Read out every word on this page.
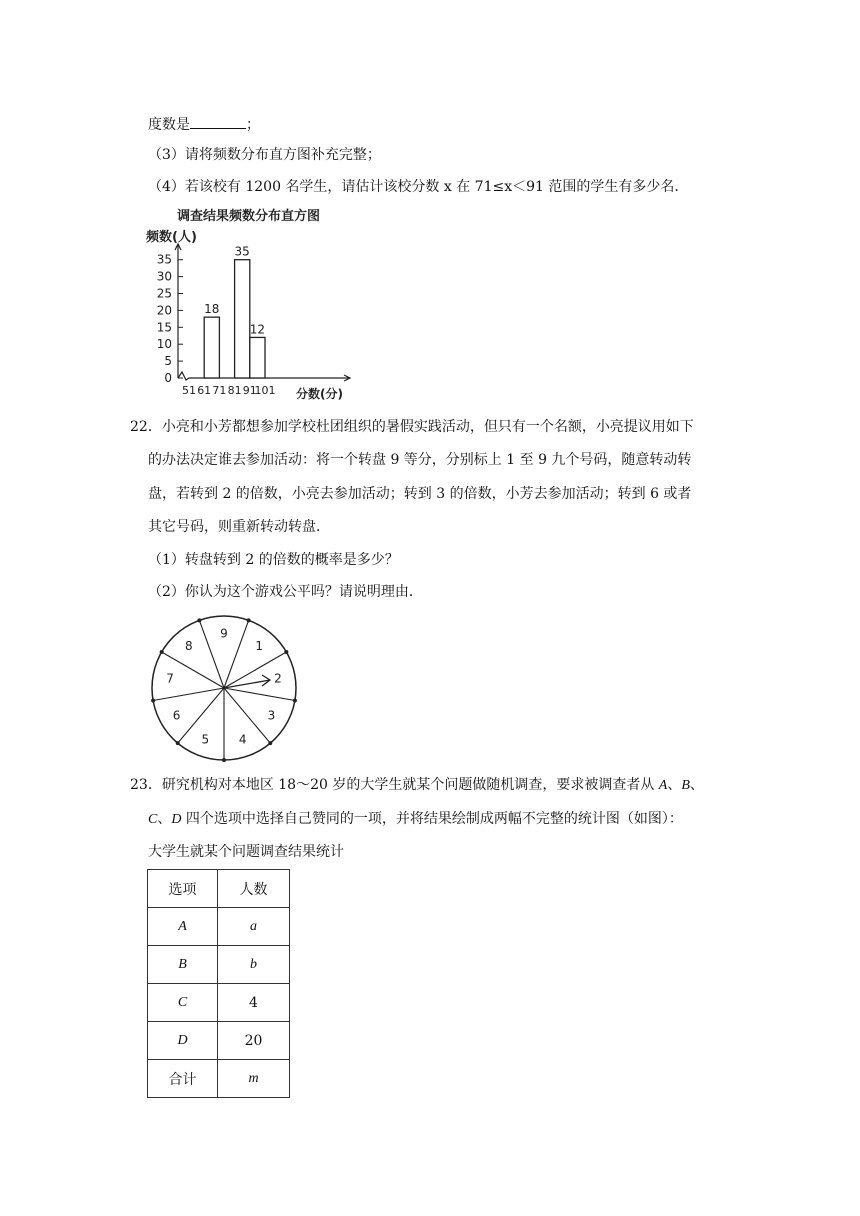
度数是	；
（3）请将频数分布直方图补充完整；
（4）若该校有 1200 名学生，请估计该校分数 x 在 71≤x＜91 范围的学生有多少名．
调查结果频数分布直方图
频数(人)
分数(分)
0
5
10
15
20
25
30
35
51 61 71 81 91
101
18
35
12
22．小亮和小芳都想参加学校杜团组织的暑假实践活动，但只有一个名额，小亮提议用如下
的办法决定谁去参加活动：将一个转盘 9 等分，分别标上 1 至 9 九个号码，随意转动转
盘，若转到 2 的倍数，小亮去参加活动；转到 3 的倍数，小芳去参加活动；转到 6 或者
其它号码，则重新转动转盘．
（1）转盘转到 2 的倍数的概率是多少？
（2）你认为这个游戏公平吗？请说明理由．
9
1
2
3
4
5
6
7
8
23．研究机构对本地区 18～20 岁的大学生就某个问题做随机调查，要求被调查者从 A、B、
C、D 四个选项中选择自己赞同的一项，并将结果绘制成两幅不完整的统计图（如图）：
大学生就某个问题调查结果统计
选项	人数
A	a
B	b
C	4
D	20
合计	m
